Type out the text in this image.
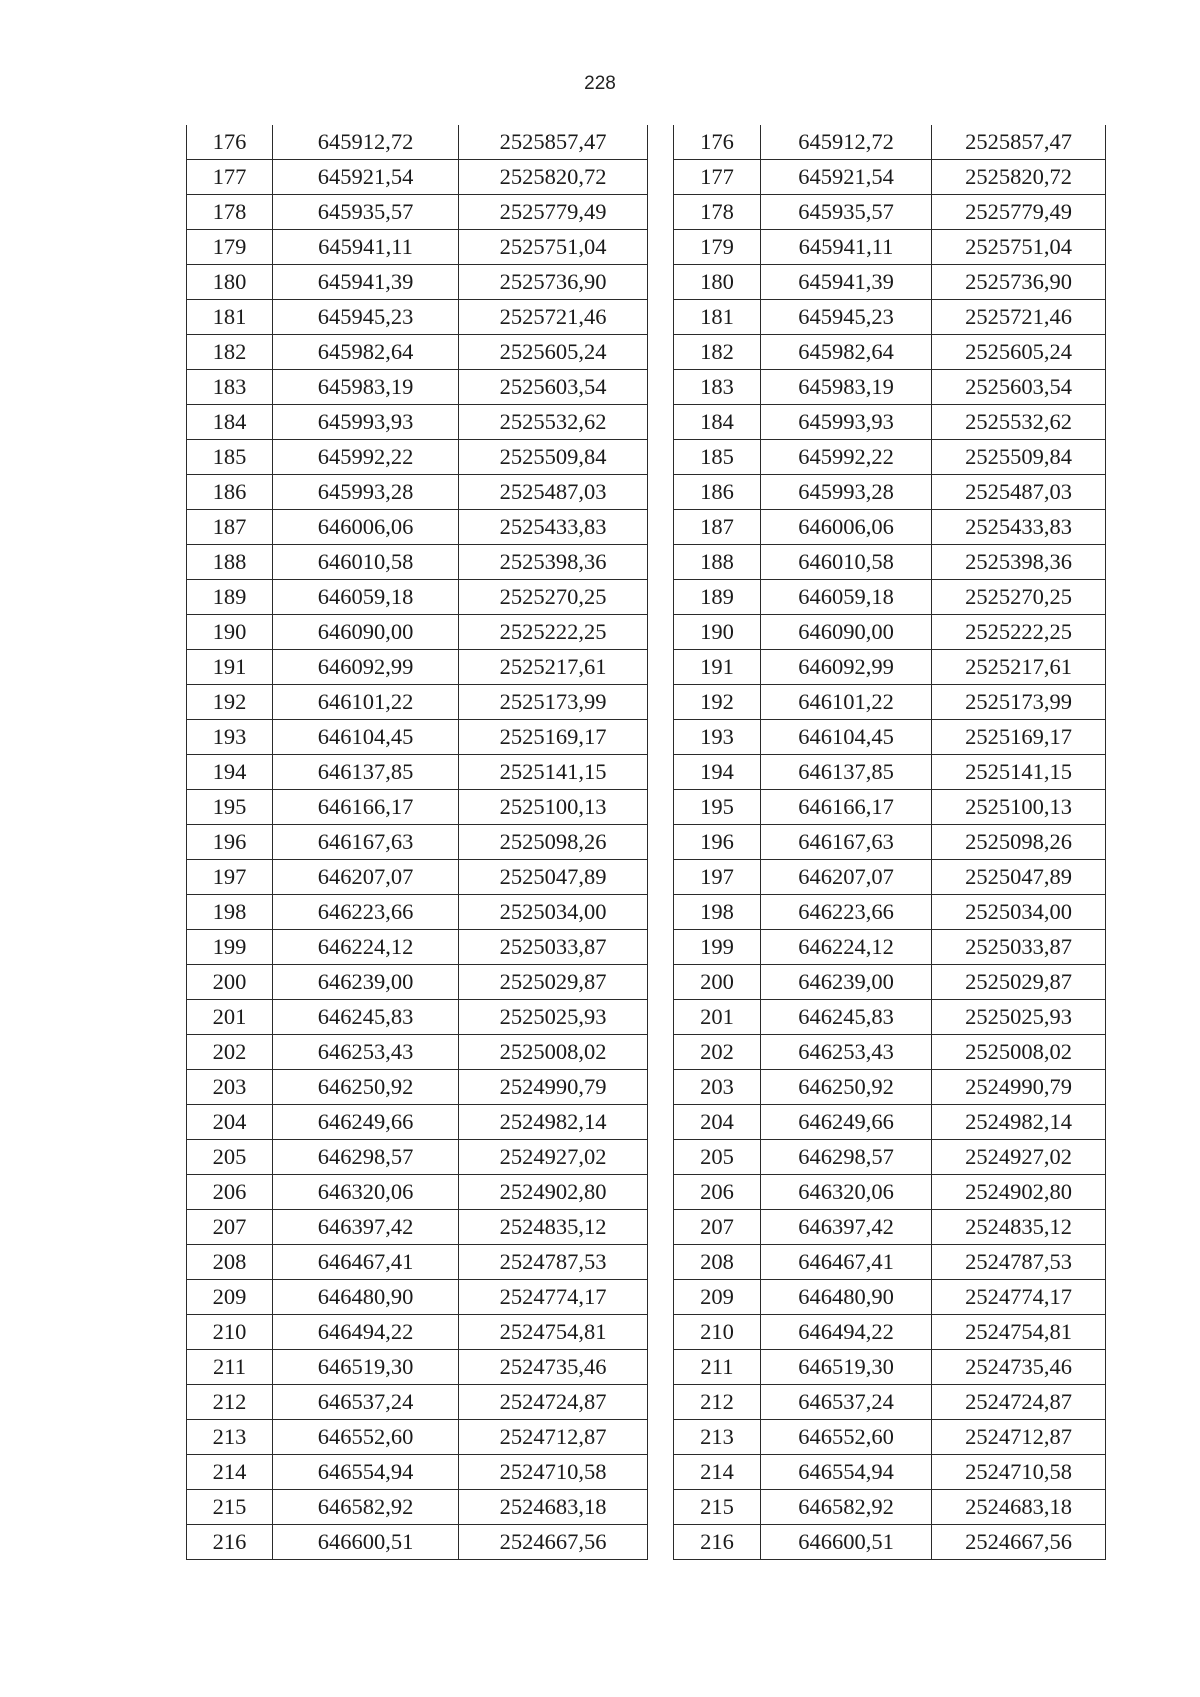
228
176	645912,72	2525857,47
177	645921,54	2525820,72
178	645935,57	2525779,49
179	645941,11	2525751,04
180	645941,39	2525736,90
181	645945,23	2525721,46
182	645982,64	2525605,24
183	645983,19	2525603,54
184	645993,93	2525532,62
185	645992,22	2525509,84
186	645993,28	2525487,03
187	646006,06	2525433,83
188	646010,58	2525398,36
189	646059,18	2525270,25
190	646090,00	2525222,25
191	646092,99	2525217,61
192	646101,22	2525173,99
193	646104,45	2525169,17
194	646137,85	2525141,15
195	646166,17	2525100,13
196	646167,63	2525098,26
197	646207,07	2525047,89
198	646223,66	2525034,00
199	646224,12	2525033,87
200	646239,00	2525029,87
201	646245,83	2525025,93
202	646253,43	2525008,02
203	646250,92	2524990,79
204	646249,66	2524982,14
205	646298,57	2524927,02
206	646320,06	2524902,80
207	646397,42	2524835,12
208	646467,41	2524787,53
209	646480,90	2524774,17
210	646494,22	2524754,81
211	646519,30	2524735,46
212	646537,24	2524724,87
213	646552,60	2524712,87
214	646554,94	2524710,58
215	646582,92	2524683,18
216	646600,51	2524667,56
176	645912,72	2525857,47
177	645921,54	2525820,72
178	645935,57	2525779,49
179	645941,11	2525751,04
180	645941,39	2525736,90
181	645945,23	2525721,46
182	645982,64	2525605,24
183	645983,19	2525603,54
184	645993,93	2525532,62
185	645992,22	2525509,84
186	645993,28	2525487,03
187	646006,06	2525433,83
188	646010,58	2525398,36
189	646059,18	2525270,25
190	646090,00	2525222,25
191	646092,99	2525217,61
192	646101,22	2525173,99
193	646104,45	2525169,17
194	646137,85	2525141,15
195	646166,17	2525100,13
196	646167,63	2525098,26
197	646207,07	2525047,89
198	646223,66	2525034,00
199	646224,12	2525033,87
200	646239,00	2525029,87
201	646245,83	2525025,93
202	646253,43	2525008,02
203	646250,92	2524990,79
204	646249,66	2524982,14
205	646298,57	2524927,02
206	646320,06	2524902,80
207	646397,42	2524835,12
208	646467,41	2524787,53
209	646480,90	2524774,17
210	646494,22	2524754,81
211	646519,30	2524735,46
212	646537,24	2524724,87
213	646552,60	2524712,87
214	646554,94	2524710,58
215	646582,92	2524683,18
216	646600,51	2524667,56
